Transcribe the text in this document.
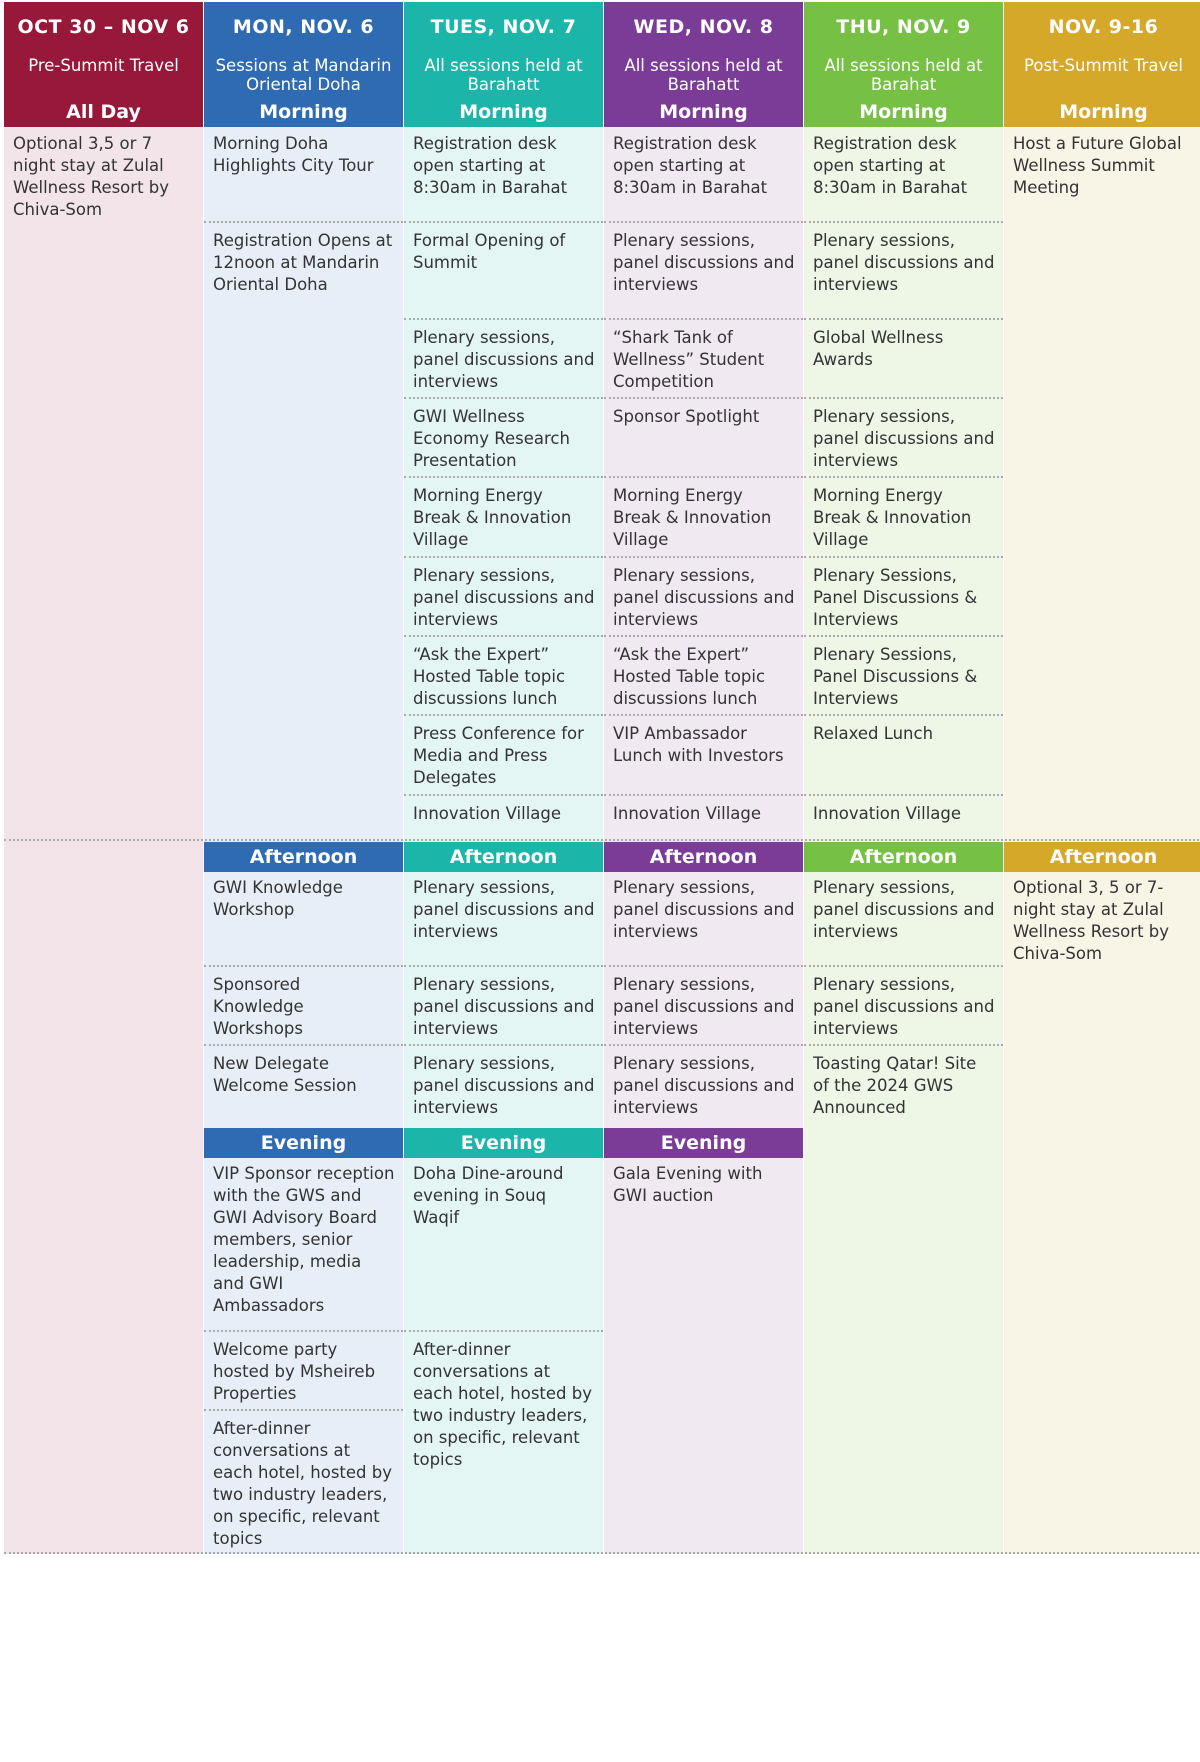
OCT 30 – NOV 6
Pre-Summit Travel
All Day
Optional 3,5 or 7 night stay at Zulal Wellness Resort by Chiva-Som
MON, NOV. 6
Sessions at Mandarin Oriental Doha
Morning
Morning Doha Highlights City Tour
Registration Opens at 12noon at Mandarin Oriental Doha
Afternoon
GWI Knowledge Workshop
Sponsored Knowledge Workshops
New Delegate Welcome Session
Evening
VIP Sponsor reception with the GWS and GWI Advisory Board members, senior leadership, media and GWI Ambassadors
Welcome party hosted by Msheireb Properties
After-dinner conversations at each hotel, hosted by two industry leaders, on specific, relevant topics
TUES, NOV. 7
All sessions held at Barahatt
Morning
Registration desk open starting at 8:30am in Barahat
Formal Opening of Summit
Plenary sessions, panel discussions and interviews
GWI Wellness Economy Research Presentation
Morning Energy Break & Innovation Village
Plenary sessions, panel discussions and interviews
“Ask the Expert” Hosted Table topic discussions lunch
Press Conference for Media and Press Delegates
Innovation Village
Afternoon
Plenary sessions, panel discussions and interviews
Plenary sessions, panel discussions and interviews
Plenary sessions, panel discussions and interviews
Evening
Doha Dine-around evening in Souq Waqif
After-dinner conversations at each hotel, hosted by two industry leaders, on specific, relevant topics
WED, NOV. 8
All sessions held at Barahatt
Morning
Registration desk open starting at 8:30am in Barahat
Plenary sessions, panel discussions and interviews
“Shark Tank of Wellness” Student Competition
Sponsor Spotlight
Morning Energy Break & Innovation Village
Plenary sessions, panel discussions and interviews
“Ask the Expert” Hosted Table topic discussions lunch
VIP Ambassador Lunch with Investors
Innovation Village
Afternoon
Plenary sessions, panel discussions and interviews
Plenary sessions, panel discussions and interviews
Plenary sessions, panel discussions and interviews
Evening
Gala Evening with GWI auction
THU, NOV. 9
All sessions held at Barahat
Morning
Registration desk open starting at 8:30am in Barahat
Plenary sessions, panel discussions and interviews
Global Wellness Awards
Plenary sessions, panel discussions and interviews
Morning Energy Break & Innovation Village
Plenary Sessions, Panel Discussions & Interviews
Plenary Sessions, Panel Discussions & Interviews
Relaxed Lunch
Innovation Village
Afternoon
Plenary sessions, panel discussions and interviews
Plenary sessions, panel discussions and interviews
Toasting Qatar! Site of the 2024 GWS Announced
NOV. 9-16
Post-Summit Travel
Morning
Host a Future Global Wellness Summit Meeting
Afternoon
Optional 3, 5 or 7-night stay at Zulal Wellness Resort by Chiva-Som
